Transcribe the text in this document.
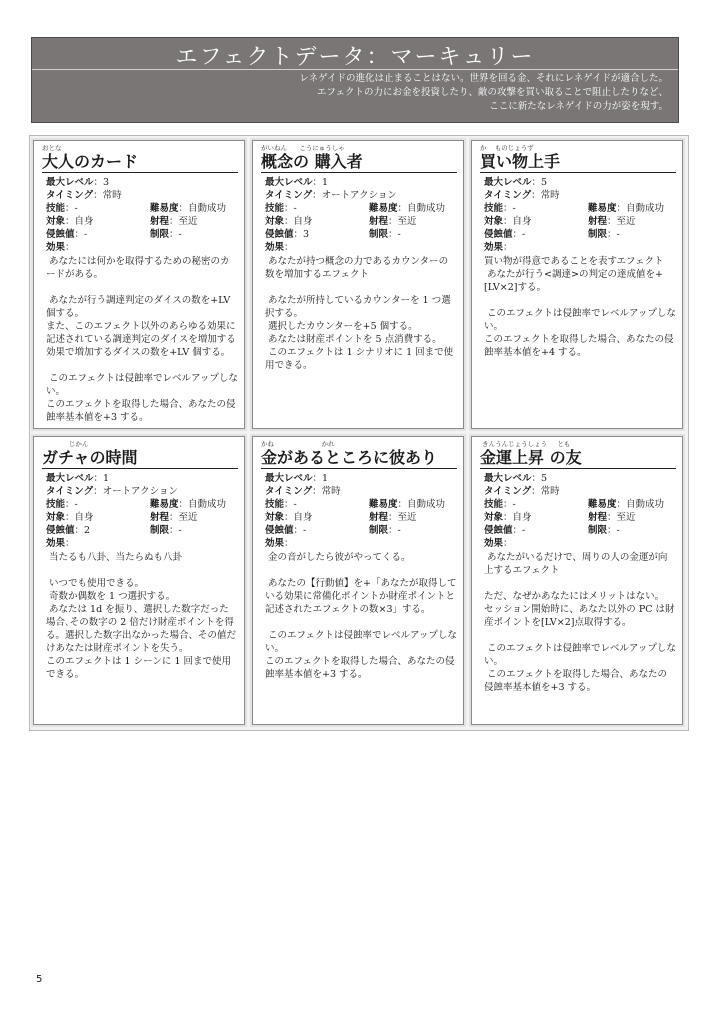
エフェクトデータ：マーキュリー
レネゲイドの進化は止まることはない。世界を回る金、それにレネゲイドが適合した。
エフェクトの力にお金を投資したり、敵の攻撃を買い取ることで阻止したりなど、
ここに新たなレネゲイドの力が姿を現す。
おとな
大人のカード
最大レベル：3
タイミング：常時
技能：-	難易度：自動成功
対象：自身	射程：至近
侵蝕値：-	制限：-
効果：
あなたには何かを取得するための秘密のカードがある。

あなたが行う調達判定のダイスの数を+LV個する。
また、このエフェクト以外のあらゆる効果に記述されている調達判定のダイスを増加する効果で増加するダイスの数を+LV 個する。

このエフェクトは侵蝕率でレベルアップしない。
このエフェクトを取得した場合、あなたの侵蝕率基本値を+3 する。
がいねん      こうにゅうしゃ
概念の 購入者
最大レベル：1
タイミング：オートアクション
技能：-	難易度：自動成功
対象：自身	射程：至近
侵蝕値：3	制限：-
効果：
あなたが持つ概念の力であるカウンターの数を増加するエフェクト

あなたが所持しているカウンターを 1 つ選択する。
選択したカウンターを+5 個する。
あなたは財産ポイントを 5 点消費する。
このエフェクトは 1 シナリオに 1 回まで使用できる。
か    ものじょうず
買い物上手
最大レベル：5
タイミング：常時
技能：-	難易度：自動成功
対象：自身	射程：至近
侵蝕値：-	制限：-
効果：
買い物が得意であることを表すエフェクト
あなたが行う<調達>の判定の達成値を+[LV×2]する。

このエフェクトは侵蝕率でレベルアップしない。
このエフェクトを取得した場合、あなたの侵蝕率基本値を+4 する。
じかん
ガチャの時間
最大レベル：1
タイミング：オートアクション
技能：-	難易度：自動成功
対象：自身	射程：至近
侵蝕値：2	制限：-
効果：
当たるも八卦、当たらぬも八卦

いつでも使用できる。
奇数か偶数を 1 つ選択する。
あなたは 1d を振り、選択した数字だった場合､その数字の 2 倍だけ財産ポイントを得る。選択した数字出なかった場合、その値だけあなたは財産ポイントを失う。
このエフェクトは 1 シーンに 1 回まで使用できる。
かね                       かれ
金があるところに彼あり
最大レベル：1
タイミング：常時
技能：-	難易度：自動成功
対象：自身	射程：至近
侵蝕値：-	制限：-
効果：
金の音がしたら彼がやってくる。

あなたの【行動値】を+「あなたが取得している効果に常備化ポイントか財産ポイントと記述されたエフェクトの数×3」する。

このエフェクトは侵蝕率でレベルアップしない。
このエフェクトを取得した場合、あなたの侵蝕率基本値を+3 する。
きんうんじょうしょう     とも
金運上昇 の友
最大レベル：5
タイミング：常時
技能：-	難易度：自動成功
対象：自身	射程：至近
侵蝕値：-	制限：-
効果：
あなたがいるだけで、周りの人の金運が向上するエフェクト

ただ、なぜかあなたにはメリットはない。
セッション開始時に、あなた以外の PC は財産ポイントを[LV×2]点取得する。

このエフェクトは侵蝕率でレベルアップしない。
このエフェクトを取得した場合、あなたの侵蝕率基本値を+3 する。
5
